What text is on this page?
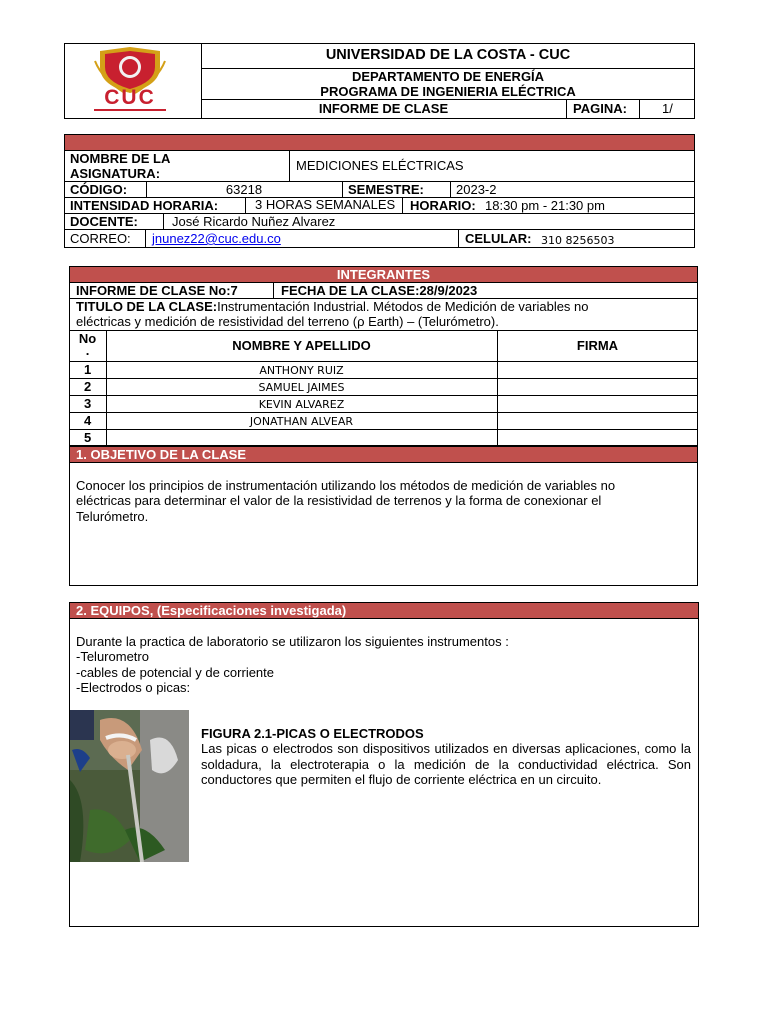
CUC
UNIVERSIDAD DE LA COSTA - CUC
DEPARTAMENTO DE ENERGÍA
PROGRAMA DE INGENIERIA ELÉCTRICA
INFORME DE CLASE	PAGINA:	1/
NOMBRE DE LA ASIGNATURA:
MEDICIONES ELÉCTRICAS
CÓDIGO:	63218	SEMESTRE: 2023-2
INTENSIDAD HORARIA:	3 HORAS SEMANALES HORARIO: 18:30 pm - 21:30 pm
DOCENTE:	José Ricardo Nuñez Alvarez
CORREO: jnunez22@cuc.edu.co	CELULAR: 310 8256503
INTEGRANTES
INFORME DE CLASE No:7	FECHA DE LA CLASE:28/9/2023
TITULO DE LA CLASE:Instrumentación Industrial. Métodos de Medición de variables no
eléctricas y medición de resistividad del terreno (ρ Earth) – (Telurómetro).
No
.	NOMBRE Y APELLIDO	FIRMA
1	ANTHONY RUIZ
2	SAMUEL JAIMES
3	KEVIN ALVAREZ
4	JONATHAN ALVEAR
5
1. OBJETIVO DE LA CLASE
Conocer los principios de instrumentación utilizando los métodos de medición de variables no
eléctricas para determinar el valor de la resistividad de terrenos y la forma de conexionar el
Telurómetro.
2. EQUIPOS, (Especificaciones investigada)
Durante la practica de laboratorio se utilizaron los siguientes instrumentos :
-Telurometro
-cables de potencial y de corriente
-Electrodos o picas:
FIGURA 2.1-PICAS O ELECTRODOS
Las picas o electrodos son dispositivos utilizados en diversas aplicaciones, como la soldadura, la electroterapia o la medición de la conductividad eléctrica. Son conductores que permiten el flujo de corriente eléctrica en un circuito.
